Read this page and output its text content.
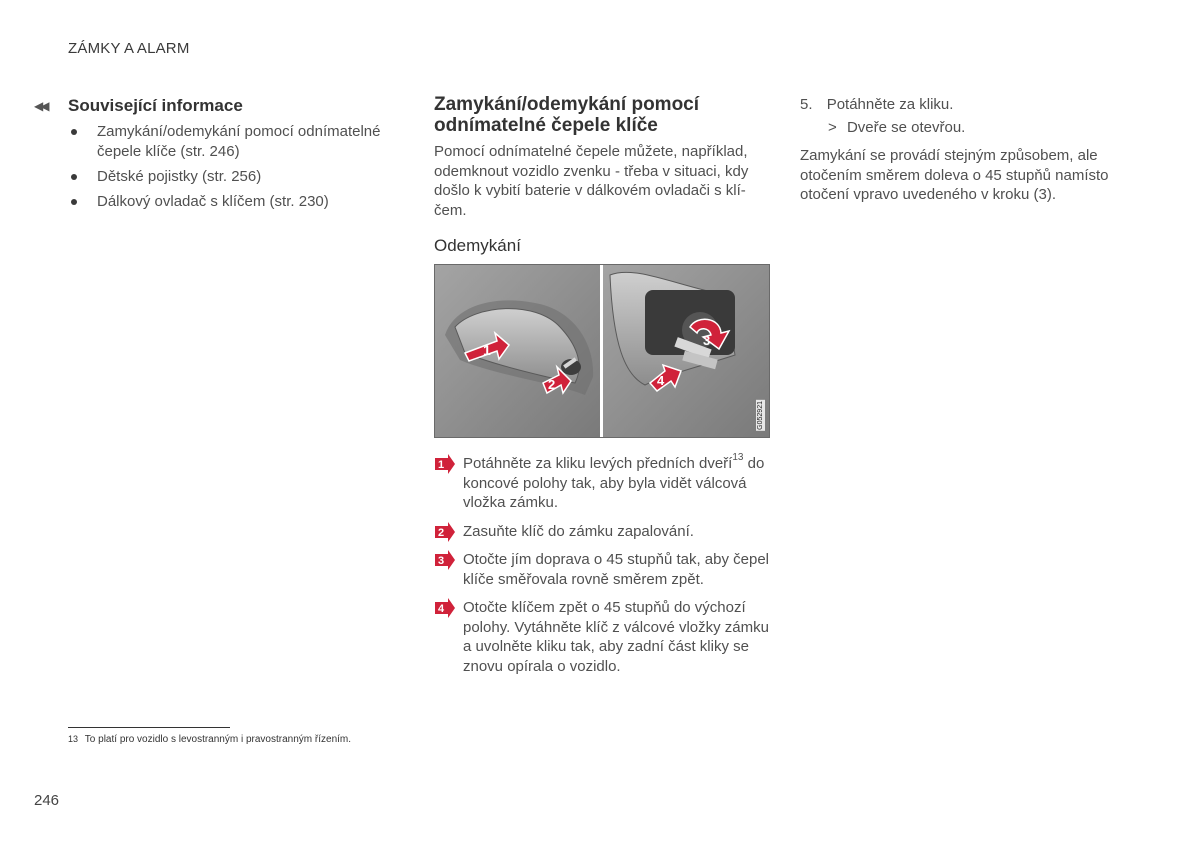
ZÁMKY A ALARM
◀◀	Související informace
Zamykání/odemykání pomocí odnímatelné čepele klíče (str. 246)
Dětské pojistky (str. 256)
Dálkový ovladač s klíčem (str. 230)
Zamykání/odemykání pomocí odnímatelné čepele klíče
Pomocí odnímatelné čepele můžete, například, odemknout vozidlo zvenku - třeba v situaci, kdy došlo k vybití baterie v dálkovém ovladači s klí-čem.
Odemykání
1
2
3
4
G052921
1 Potáhněte za kliku levých předních dveří$^{13}$ do koncové polohy tak, aby byla vidět válcová vložka zámku.
2 Zasuňte klíč do zámku zapalování.
3 Otočte jím doprava o 45 stupňů tak, aby čepel klíče směřovala rovně směrem zpět.
4 Otočte klíčem zpět o 45 stupňů do výchozí polohy. Vytáhněte klíč z válcové vložky zámku a uvolněte kliku tak, aby zadní část kliky se znovu opírala o vozidlo.
5. Potáhněte za kliku.
> Dveře se otevřou.
Zamykání se provádí stejným způsobem, ale otočením směrem doleva o 45 stupňů namísto otočení vpravo uvedeného v kroku (3).
13 To platí pro vozidlo s levostranným i pravostranným řízením.
246
